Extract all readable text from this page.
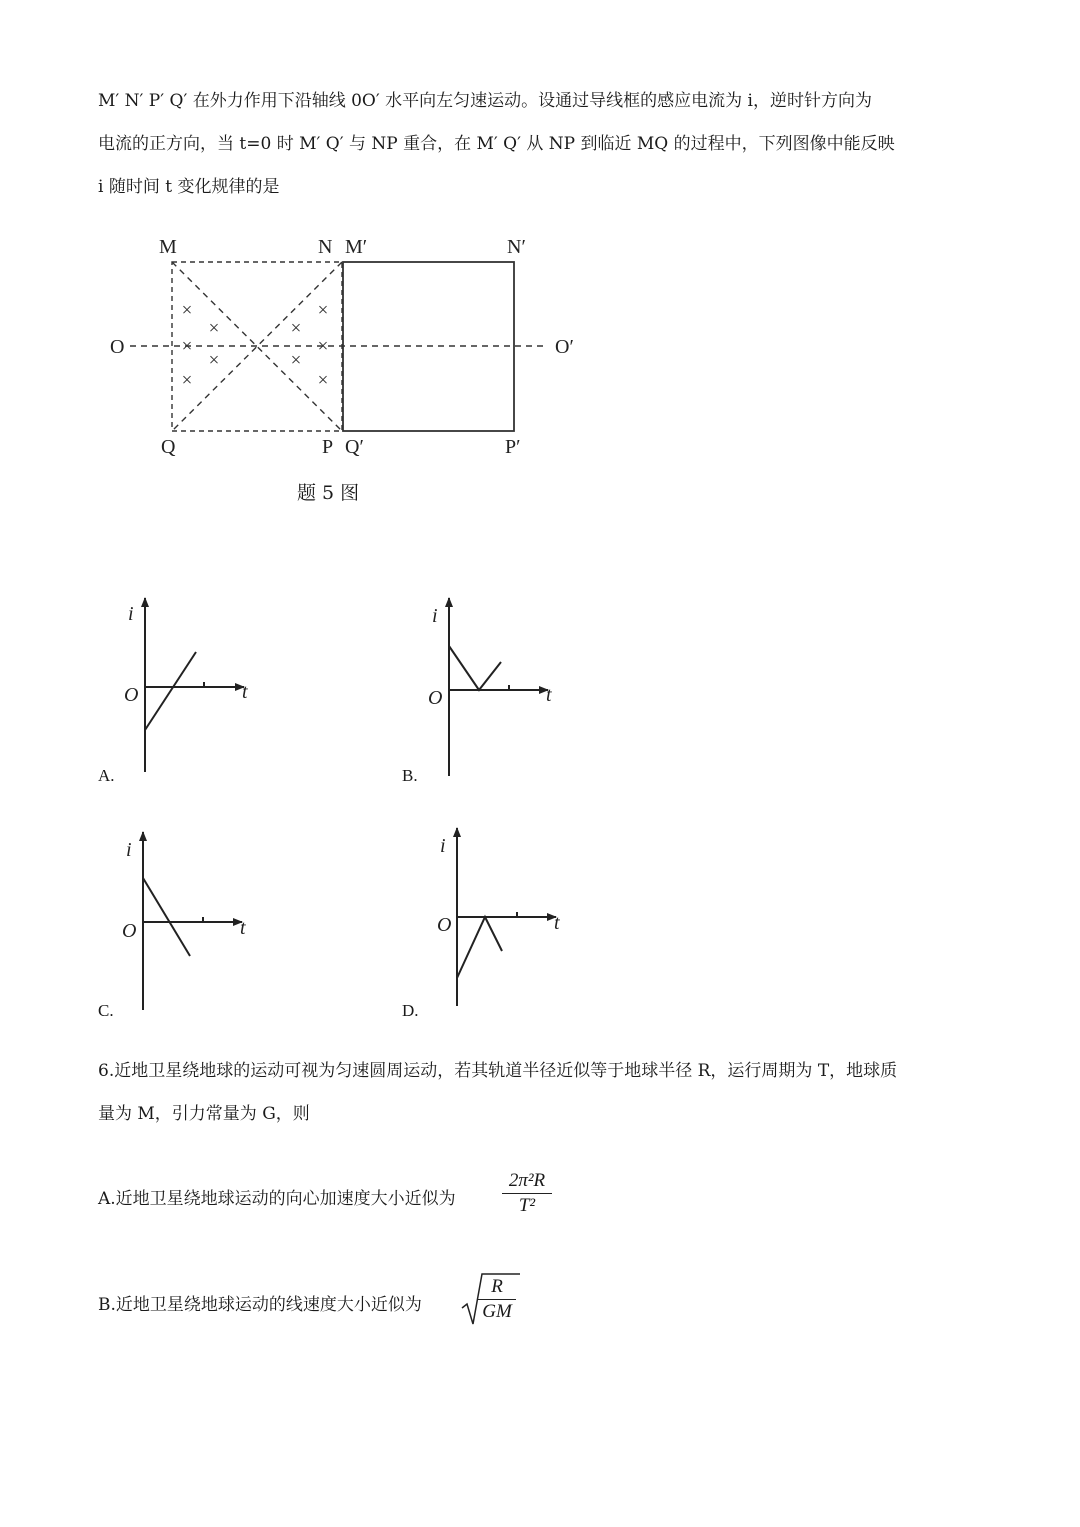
M′ N′ P′ Q′ 在外力作用下沿轴线 0O′ 水平向左匀速运动。设通过导线框的感应电流为 i，逆时针方向为
电流的正方向，当 t=0 时 M′ Q′ 与 NP 重合，在 M′ Q′ 从 NP 到临近 MQ 的过程中，下列图像中能反映
i 随时间 t 变化规律的是
M	N M′	N′
O	O′
Q	P Q′	P′
×
×
×
×
×
×
×
×
×
×
题 5 图
i
t
O
i
t
O
i
t
O
i
t
O
A.	B.
C.	D.
6.近地卫星绕地球的运动可视为匀速圆周运动，若其轨道半径近似等于地球半径 R，运行周期为 T，地球质
量为 M，引力常量为 G，则
A.近地卫星绕地球运动的向心加速度大小近似为
2π²R
T²
B.近地卫星绕地球运动的线速度大小近似为
R
GM
